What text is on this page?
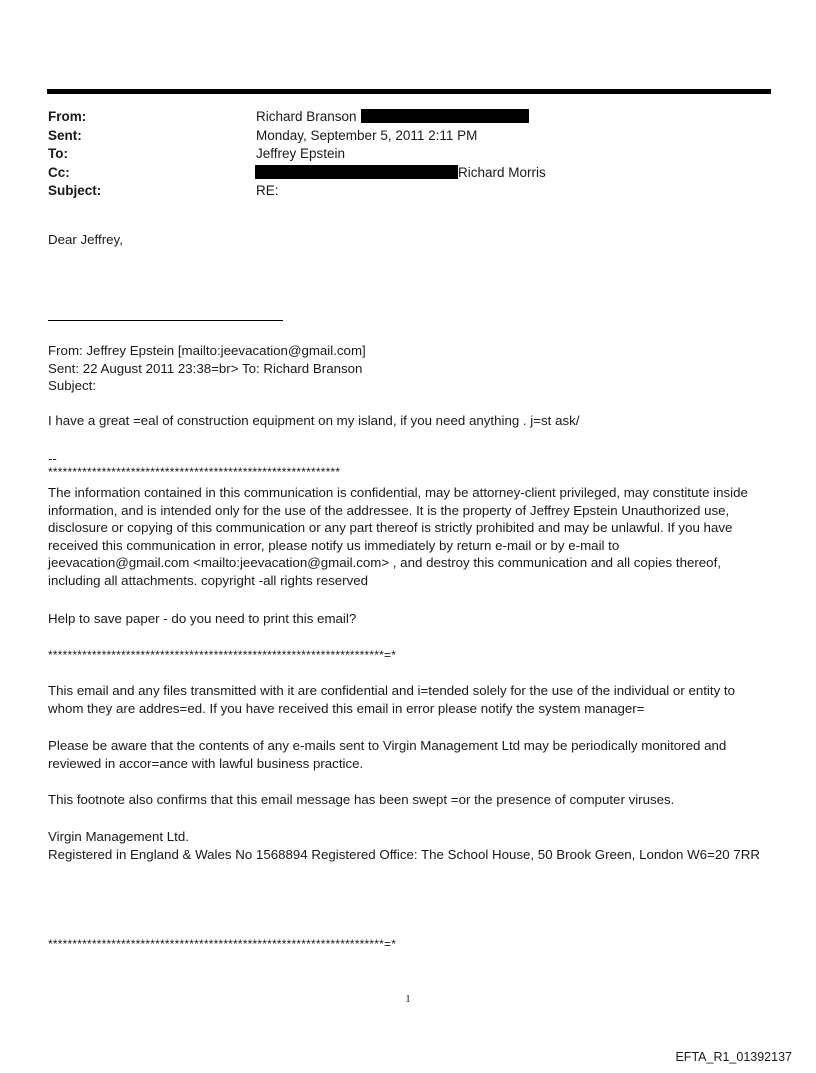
From:	Richard Branson
Sent:	Monday, September 5, 2011 2:11 PM
To:	Jeffrey Epstein
Cc:	Richard Morris
Subject:	RE:
Dear Jeffrey,
From: Jeffrey Epstein [mailto:jeevacation@gmail.com]
Sent: 22 August 2011 23:38=br> To: Richard Branson
Subject:
I have a great =eal of construction equipment on my island, if you need anything . j=st ask/
--
************************************************************
The information contained in this communication is confidential, may be attorney-client privileged, may constitute inside information, and is intended only for the use of the addressee. It is the property of Jeffrey Epstein Unauthorized use, disclosure or copying of this communication or any part thereof is strictly prohibited and may be unlawful. If you have received this communication in error, please notify us immediately by return e-mail or by e-mail to jeevacation@gmail.com <mailto:jeevacation@gmail.com> , and destroy this communication and all copies thereof, including all attachments. copyright -all rights reserved
Help to save paper - do you need to print this email?
*********************************************************************=*
This email and any files transmitted with it are confidential and i=tended solely for the use of the individual or entity to whom they are addres=ed. If you have received this email in error please notify the system manager=
Please be aware that the contents of any e-mails sent to Virgin Management Ltd may be periodically monitored and reviewed in accor=ance with lawful business practice.
This footnote also confirms that this email message has been swept =or the presence of computer viruses.
Virgin Management Ltd.
Registered in England & Wales No 1568894 Registered Office: The School House, 50 Brook Green, London W6=20 7RR
*********************************************************************=*
1
EFTA_R1_01392137
